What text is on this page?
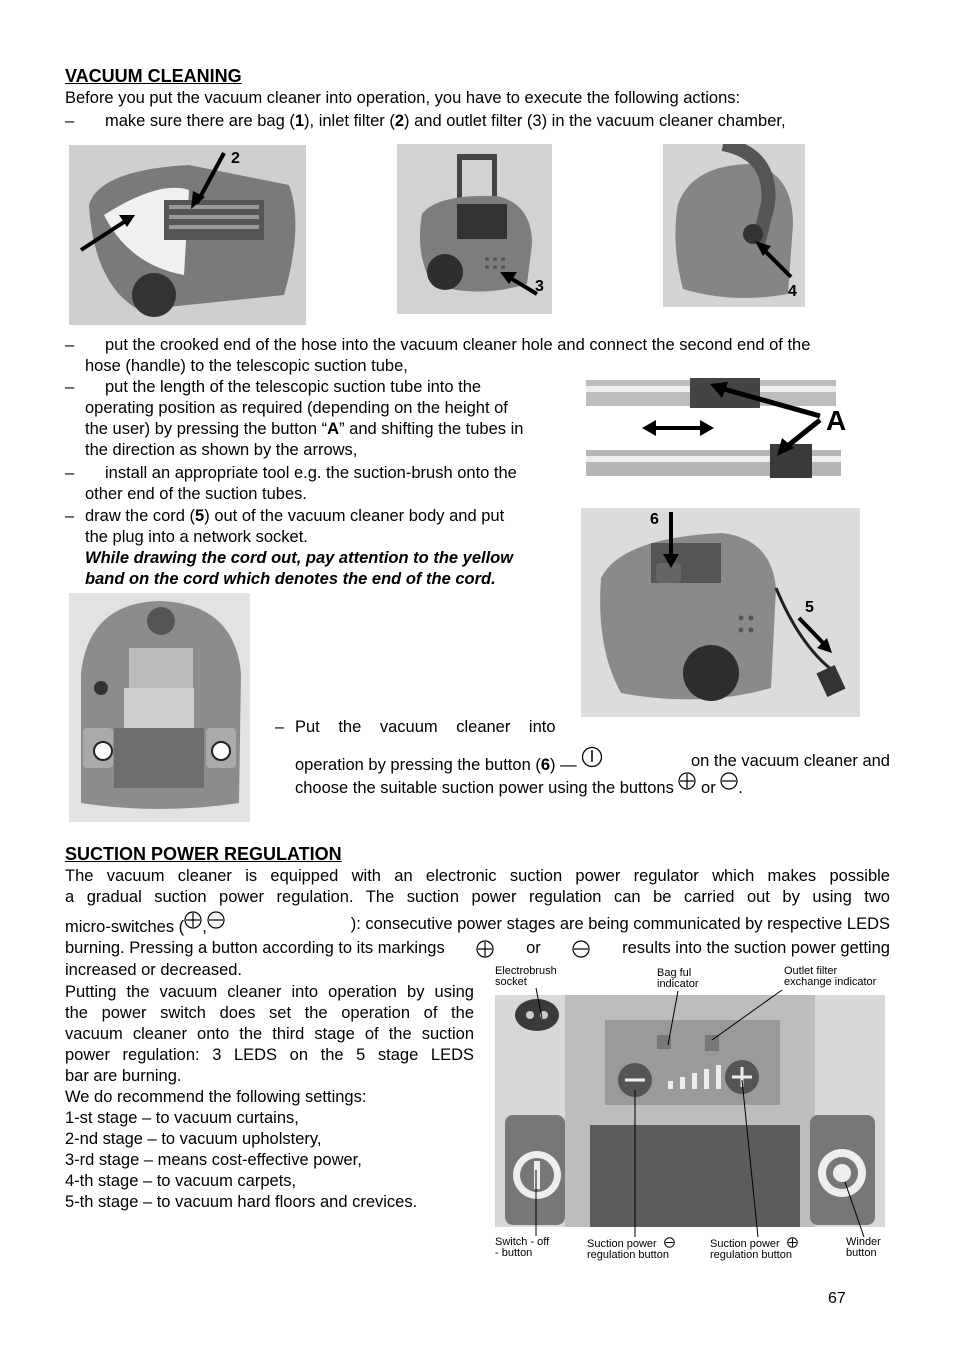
VACUUM CLEANING
Before you put the vacuum cleaner into operation, you have to execute the following actions:
– make sure there are bag (1), inlet filter (2) and outlet filter (3) in the vacuum cleaner chamber,
2
3	4
– put the crooked end of the hose into the vacuum cleaner hole and connect the second end of the
hose (handle) to the telescopic suction tube,
– put the length of the telescopic suction tube into the
operating position as required (depending on the height of
the user) by pressing the button “A” and shifting the tubes in
the direction as shown by the arrows,
A
– install an appropriate tool e.g. the suction-brush onto the
other end of the suction tubes.
– draw the cord (5) out of the vacuum cleaner body and put
the plug into a network socket.
While drawing the cord out, pay attention to the yellow
band on the cord which denotes the end of the cord.
6
5
– Put the vacuum cleaner into
operation by pressing the button (6) —	on the vacuum cleaner and
choose the suitable suction power using the buttons or .
SUCTION POWER REGULATION
The vacuum cleaner is equipped with an electronic suction power regulator which makes possible
a gradual suction power regulation. The suction power regulation can be carried out by using two
micro-switches ( ,	): consecutive power stages are being communicated by respective LEDS
burning. Pressing a button according to its markings	or	results into the suction power getting
increased or decreased.
Putting the vacuum cleaner into operation by using
the power switch does set the operation of the
vacuum cleaner onto the third stage of the suction
power regulation: 3 LEDS on the 5 stage LEDS
bar are burning.
We do recommend the following settings:
1-st stage – to vacuum curtains,
2-nd stage – to vacuum upholstery,
3-rd stage – means cost-effective power,
4-th stage – to vacuum carpets,
5-th stage – to vacuum hard floors and crevices.
Electrobrush
socket
Bag ful
indicator
Outlet filter
exchange indicator
Switch - off
- button
Suction power
regulation button
Suction power
regulation button
Winder
button
67
